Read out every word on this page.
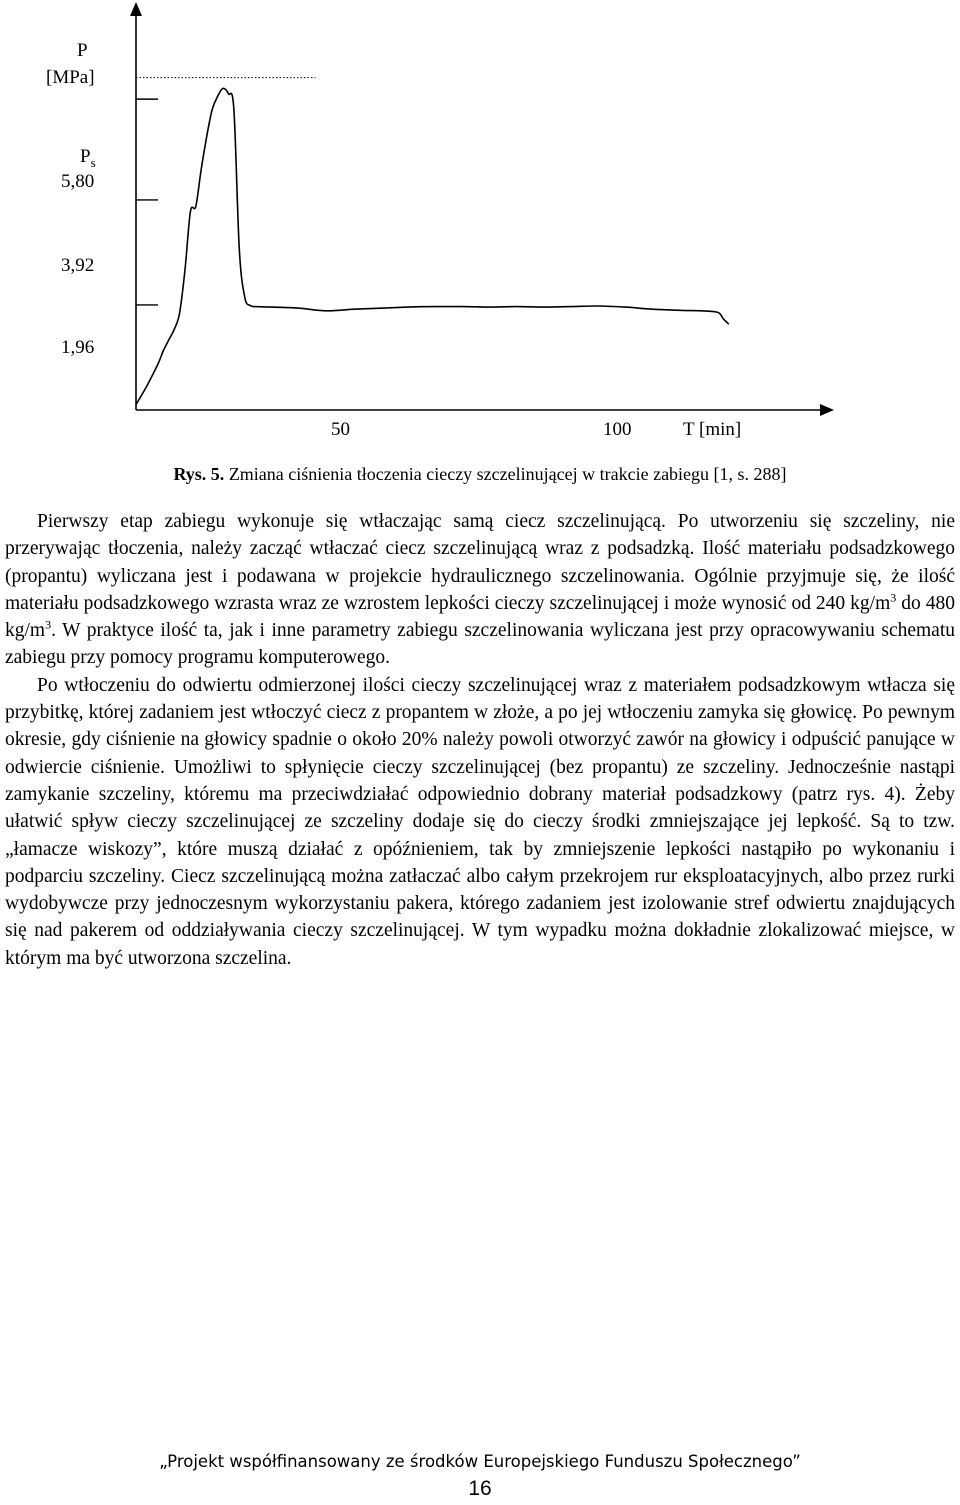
P
[MPa]
$P_s$
5,80
3,92
1,96
50	100	T [min]
Rys. 5. Zmiana ciśnienia tłoczenia cieczy szczelinującej w trakcie zabiegu [1, s. 288]

Pierwszy etap zabiegu wykonuje się wtłaczając samą ciecz szczelinującą. Po utworzeniu się szczeliny, nie przerywając tłoczenia, należy zacząć wtłaczać ciecz szczelinującą wraz z podsadzką. Ilość materiału podsadzkowego (propantu) wyliczana jest i podawana w projekcie hydraulicznego szczelinowania. Ogólnie przyjmuje się, że ilość materiału podsadzkowego wzrasta wraz ze wzrostem lepkości cieczy szczelinującej i może wynosić od 240 $kg/m^3$ do 480 $kg/m^3$. W praktyce ilość ta, jak i inne parametry zabiegu szczelinowania wyliczana jest przy opracowywaniu schematu zabiegu przy pomocy programu komputerowego.

Po wtłoczeniu do odwiertu odmierzonej ilości cieczy szczelinującej wraz z materiałem podsadzkowym wtłacza się przybitkę, której zadaniem jest wtłoczyć ciecz z propantem w złoże, a po jej wtłoczeniu zamyka się głowicę. Po pewnym okresie, gdy ciśnienie na głowicy spadnie o około 20% należy powoli otworzyć zawór na głowicy i odpuścić panujące w odwiercie ciśnienie. Umożliwi to spłynięcie cieczy szczelinującej (bez propantu) ze szczeliny. Jednocześnie nastąpi zamykanie szczeliny, któremu ma przeciwdziałać odpowiednio dobrany materiał podsadzkowy (patrz rys. 4). Żeby ułatwić spływ cieczy szczelinującej ze szczeliny dodaje się do cieczy środki zmniejszające jej lepkość. Są to tzw. „łamacze wiskozy”, które muszą działać z opóźnieniem, tak by zmniejszenie lepkości nastąpiło po wykonaniu i podparciu szczeliny. Ciecz szczelinującą można zatłaczać albo całym przekrojem rur eksploatacyjnych, albo przez rurki wydobywcze przy jednoczesnym wykorzystaniu pakera, którego zadaniem jest izolowanie stref odwiertu znajdujących się nad pakerem od oddziaływania cieczy szczelinującej. W tym wypadku można dokładnie zlokalizować miejsce, w którym ma być utworzona szczelina.

„Projekt współfinansowany ze środków Europejskiego Funduszu Społecznego”
16
